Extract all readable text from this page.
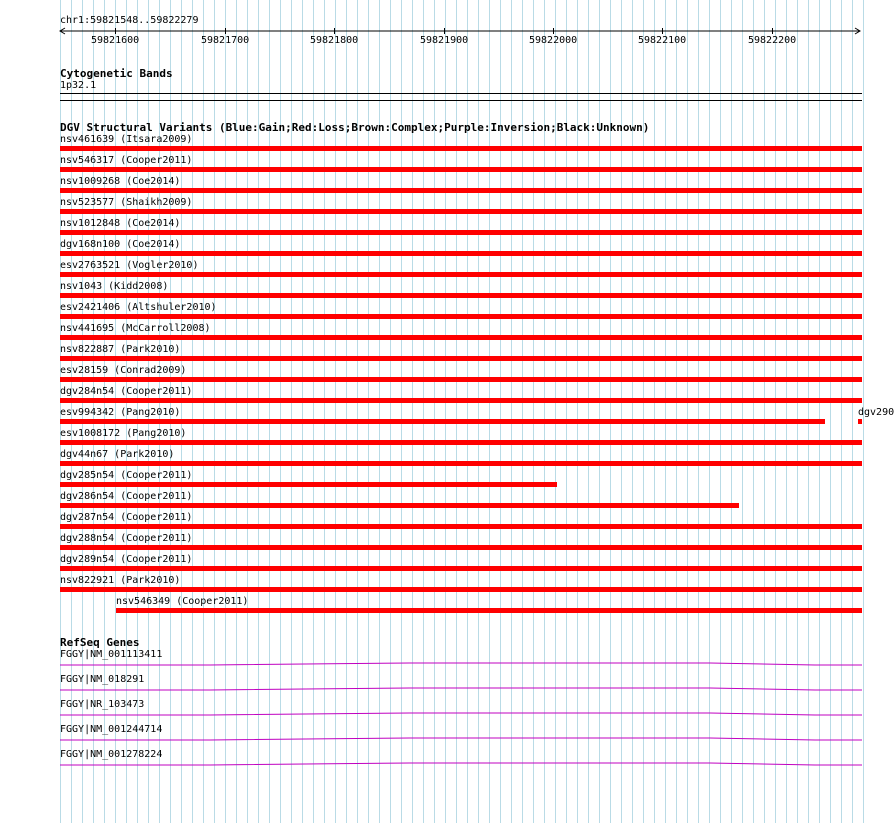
chr1:59821548..59822279
59821600	59821700	59821800	59821900	59822000	59822100	59822200
Cytogenetic Bands
1p32.1
DGV Structural Variants (Blue:Gain;Red:Loss;Brown:Complex;Purple:Inversion;Black:Unknown)
nsv461639 (Itsara2009)
nsv546317 (Cooper2011)
nsv1009268 (Coe2014)
nsv523577 (Shaikh2009)
nsv1012848 (Coe2014)
dgv168n100 (Coe2014)
esv2763521 (Vogler2010)
nsv1043 (Kidd2008)
esv2421406 (Altshuler2010)
nsv441695 (McCarroll2008)
nsv822887 (Park2010)
esv28159 (Conrad2009)
dgv284n54 (Cooper2011)
esv994342 (Pang2010)
esv1008172 (Pang2010)
dgv44n67 (Park2010)
dgv285n54 (Cooper2011)
dgv286n54 (Cooper2011)
dgv287n54 (Cooper2011)
dgv288n54 (Cooper2011)
dgv289n54 (Cooper2011)
nsv822921 (Park2010)
nsv546349 (Cooper2011)
dgv290
RefSeq Genes
FGGY|NM_001113411
FGGY|NM_018291
FGGY|NR_103473
FGGY|NM_001244714
FGGY|NM_001278224
